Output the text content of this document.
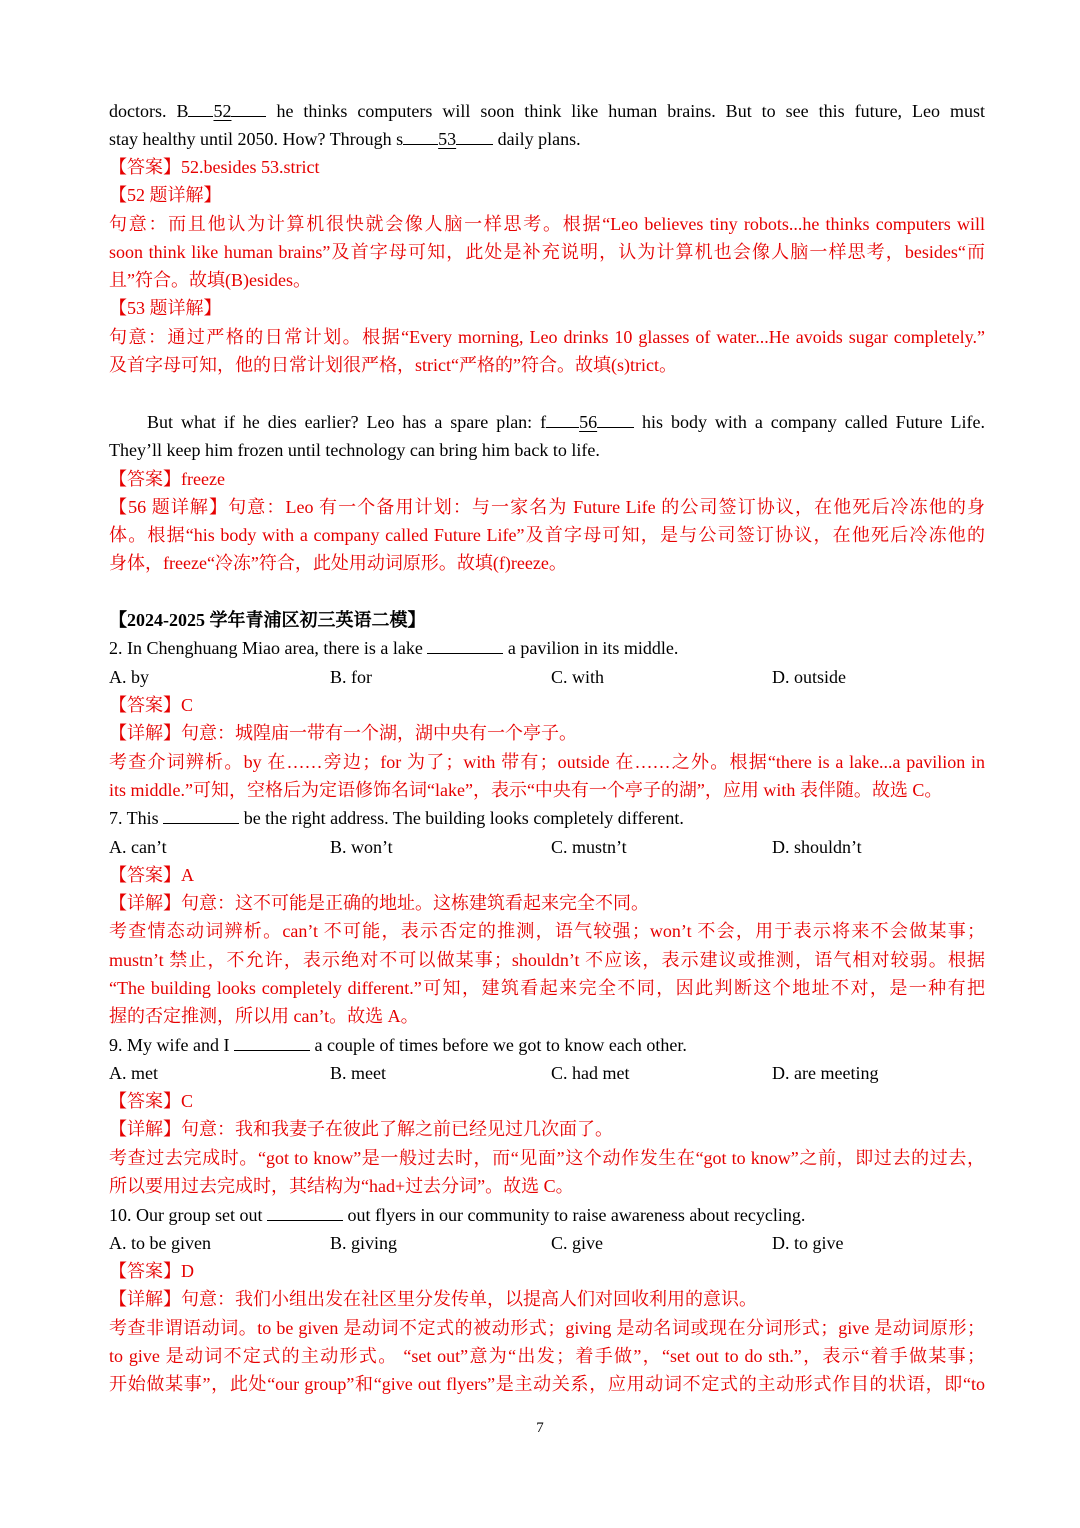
doctors. B 52 he thinks computers will soon think like human brains. But to see this future, Leo must
stay healthy until 2050. How? Through s 53 daily plans.
【答案】52.besides 53.strict
【52 题详解】
句意：而且他认为计算机很快就会像人脑一样思考。根据“Leo believes tiny robots...he thinks computers will
soon think like human brains”及首字母可知，此处是补充说明，认为计算机也会像人脑一样思考，besides“而
且”符合。故填(B)esides。
【53 题详解】
句意：通过严格的日常计划。根据“Every morning, Leo drinks 10 glasses of water...He avoids sugar completely.”
及首字母可知，他的日常计划很严格，strict“严格的”符合。故填(s)trict。
But what if he dies earlier? Leo has a spare plan: f 56 his body with a company called Future Life.
They’ll keep him frozen until technology can bring him back to life.
【答案】freeze
【56 题详解】句意：Leo 有一个备用计划：与一家名为 Future Life 的公司签订协议，在他死后冷冻他的身
体。根据“his body with a company called Future Life”及首字母可知，是与公司签订协议，在他死后冷冻他的
身体，freeze“冷冻”符合，此处用动词原形。故填(f)reeze。
【2024-2025 学年青浦区初三英语二模】
2. In Chenghuang Miao area, there is a lake	a pavilion in its middle.
A. by	B. for	C. with	D. outside
【答案】C
【详解】句意：城隍庙一带有一个湖，湖中央有一个亭子。
考查介词辨析。by 在……旁边；for 为了；with 带有；outside 在……之外。根据“there is a lake...a pavilion in
its middle.”可知，空格后为定语修饰名词“lake”，表示“中央有一个亭子的湖”，应用 with 表伴随。故选 C。
7. This	be the right address. The building looks completely different.
A. can’t	B. won’t	C. mustn’t	D. shouldn’t
【答案】A
【详解】句意：这不可能是正确的地址。这栋建筑看起来完全不同。
考查情态动词辨析。can’t 不可能，表示否定的推测，语气较强；won’t 不会，用于表示将来不会做某事；
mustn’t 禁止，不允许，表示绝对不可以做某事；shouldn’t 不应该，表示建议或推测，语气相对较弱。根据
“The building looks completely different.”可知，建筑看起来完全不同，因此判断这个地址不对，是一种有把
握的否定推测，所以用 can’t。故选 A。
9. My wife and I	a couple of times before we got to know each other.
A. met	B. meet	C. had met	D. are meeting
【答案】C
【详解】句意：我和我妻子在彼此了解之前已经见过几次面了。
考查过去完成时。“got to know”是一般过去时，而“见面”这个动作发生在“got to know”之前，即过去的过去，
所以要用过去完成时，其结构为“had+过去分词”。故选 C。
10. Our group set out	out flyers in our community to raise awareness about recycling.
A. to be given	B. giving	C. give	D. to give
【答案】D
【详解】句意：我们小组出发在社区里分发传单，以提高人们对回收利用的意识。
考查非谓语动词。to be given 是动词不定式的被动形式；giving 是动名词或现在分词形式；give 是动词原形；
to give 是动词不定式的主动形式。 “set out”意为“出发；着手做”，“set out to do sth.”，表示“着手做某事；
开始做某事”，此处“our group”和“give out flyers”是主动关系，应用动词不定式的主动形式作目的状语，即“to
7
